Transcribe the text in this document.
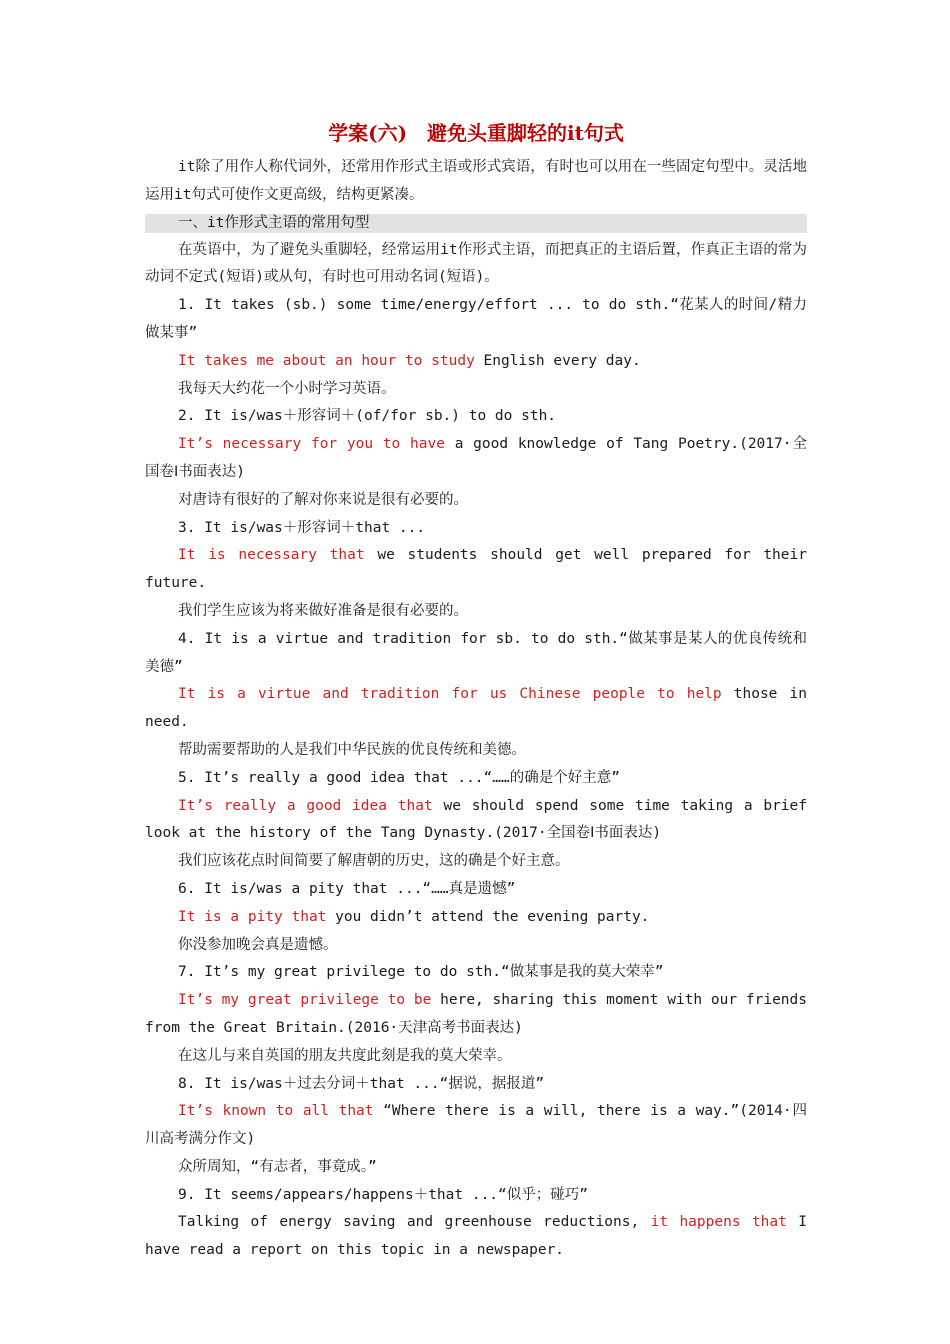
学案(六)　避免头重脚轻的it句式

it除了用作人称代词外，还常用作形式主语或形式宾语，有时也可以用在一些固定句型中。灵活地运用it句式可使作文更高级，结构更紧凑。

一、it作形式主语的常用句型

在英语中，为了避免头重脚轻，经常运用it作形式主语，而把真正的主语后置，作真正主语的常为动词不定式(短语)或从句，有时也可用动名词(短语)。

1. It takes (sb.) some time/energy/effort ... to do sth.“花某人的时间/精力做某事”

It takes me about an hour to study English every day.

我每天大约花一个小时学习英语。

2. It is/was＋形容词＋(of/for sb.) to do sth.

It’s necessary for you to have a good knowledge of Tang Poetry.(2017·全国卷Ⅰ书面表达)

对唐诗有很好的了解对你来说是很有必要的。

3. It is/was＋形容词＋that ...

It is necessary that we students should get well prepared for their future.

我们学生应该为将来做好准备是很有必要的。

4. It is a virtue and tradition for sb. to do sth.“做某事是某人的优良传统和美德”

It is a virtue and tradition for us Chinese people to help those in need.

帮助需要帮助的人是我们中华民族的优良传统和美德。

5. It’s really a good idea that ...“……的确是个好主意”

It’s really a good idea that we should spend some time taking a brief look at the history of the Tang Dynasty.(2017·全国卷Ⅰ书面表达)

我们应该花点时间简要了解唐朝的历史，这的确是个好主意。

6. It is/was a pity that ...“……真是遗憾”

It is a pity that you didn’t attend the evening party.

你没参加晚会真是遗憾。

7. It’s my great privilege to do sth.“做某事是我的莫大荣幸”

It’s my great privilege to be here, sharing this moment with our friends from the Great Britain.(2016·天津高考书面表达)

在这儿与来自英国的朋友共度此刻是我的莫大荣幸。

8. It is/was＋过去分词＋that ...“据说，据报道”

It’s known to all that “Where there is a will, there is a way.”(2014·四川高考满分作文)

众所周知，“有志者，事竟成。”

9. It seems/appears/happens＋that ...“似乎；碰巧”

Talking of energy saving and greenhouse reductions, it happens that I have read a report on this topic in a newspaper.
